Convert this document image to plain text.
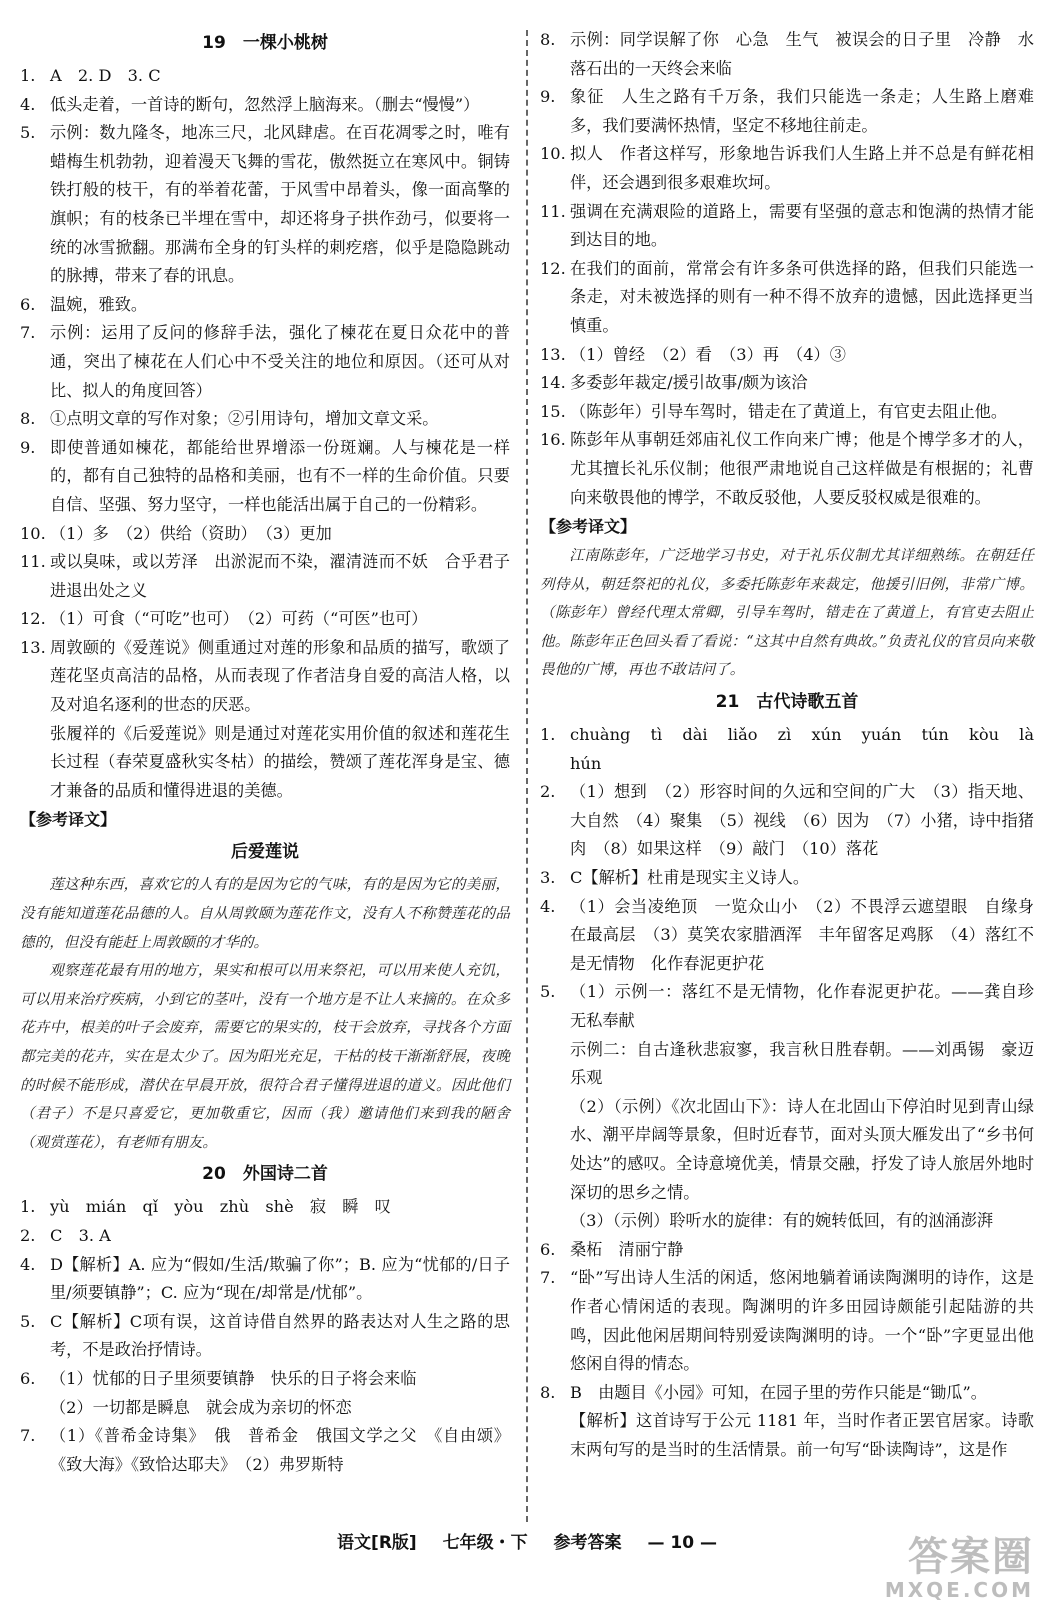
19　一棵小桃树
1. A　2. D　3. C
4. 低头走着，一首诗的断句，忽然浮上脑海来。（删去“慢慢”）
5. 示例：数九隆冬，地冻三尺，北风肆虐。在百花凋零之时，唯有蜡梅生机勃勃，迎着漫天飞舞的雪花，傲然挺立在寒风中。铜铸铁打般的枝干，有的举着花蕾，于风雪中昂着头，像一面高擎的旗帜；有的枝条已半埋在雪中，却还将身子拱作劲弓，似要将一统的冰雪掀翻。那满布全身的钉头样的刺疙瘩，似乎是隐隐跳动的脉搏，带来了春的讯息。
6. 温婉，雅致。
7. 示例：运用了反问的修辞手法，强化了楝花在夏日众花中的普通，突出了楝花在人们心中不受关注的地位和原因。（还可从对比、拟人的角度回答）
8. ①点明文章的写作对象；②引用诗句，增加文章文采。
9. 即使普通如楝花，都能给世界增添一份斑斓。人与楝花是一样的，都有自己独特的品格和美丽，也有不一样的生命价值。只要自信、坚强、努力坚守，一样也能活出属于自己的一份精彩。
10. （1）多　（2）供给（资助）　（3）更加
11. 或以臭味，或以芳泽　出淤泥而不染，濯清涟而不妖　合乎君子进退出处之义
12. （1）可食（“可吃”也可）　（2）可药（“可医”也可）
13. 周敦颐的《爱莲说》侧重通过对莲的形象和品质的描写，歌颂了莲花坚贞高洁的品格，从而表现了作者洁身自爱的高洁人格，以及对追名逐利的世态的厌恶。
张履祥的《后爱莲说》则是通过对莲花实用价值的叙述和莲花生长过程（春荣夏盛秋实冬枯）的描绘，赞颂了莲花浑身是宝、德才兼备的品质和懂得进退的美德。
【参考译文】
后爱莲说
莲这种东西，喜欢它的人有的是因为它的气味，有的是因为它的美丽，没有能知道莲花品德的人。自从周敦颐为莲花作文，没有人不称赞莲花的品德的，但没有能赶上周敦颐的才华的。
观察莲花最有用的地方，果实和根可以用来祭祀，可以用来使人充饥，可以用来治疗疾病，小到它的茎叶，没有一个地方是不让人来摘的。在众多花卉中，根美的叶子会废弃，需要它的果实的，枝干会放弃，寻找各个方面都完美的花卉，实在是太少了。因为阳光充足，干枯的枝干渐渐舒展，夜晚的时候不能形成，潜伏在早晨开放，很符合君子懂得进退的道义。因此他们（君子）不是只喜爱它，更加敬重它，因而（我）邀请他们来到我的陋舍（观赏莲花），有老师有朋友。
20　外国诗二首
1. yù　mián　qǐ　yòu　zhù　shè　寂　瞬　叹
2. C　3. A
4. D【解析】A. 应为“假如/生活/欺骗了你”；B. 应为“忧郁的/日子里/须要镇静”；C. 应为“现在/却常是/忧郁”。
5. C【解析】C项有误，这首诗借自然界的路表达对人生之路的思考，不是政治抒情诗。
6. （1）忧郁的日子里须要镇静　快乐的日子将会来临
（2）一切都是瞬息　就会成为亲切的怀恋
7. （1）《普希金诗集》　俄　普希金　俄国文学之父　《自由颂》《致大海》《致恰达耶夫》　（2）弗罗斯特
8. 示例：同学误解了你　心急　生气　被误会的日子里　冷静　水落石出的一天终会来临
9. 象征　人生之路有千万条，我们只能选一条走；人生路上磨难多，我们要满怀热情，坚定不移地往前走。
10. 拟人　作者这样写，形象地告诉我们人生路上并不总是有鲜花相伴，还会遇到很多艰难坎坷。
11. 强调在充满艰险的道路上，需要有坚强的意志和饱满的热情才能到达目的地。
12. 在我们的面前，常常会有许多条可供选择的路，但我们只能选一条走，对未被选择的则有一种不得不放弃的遗憾，因此选择更当慎重。
13. （1）曾经　（2）看　（3）再　（4）③
14. 多委彭年裁定/援引故事/颇为该洽
15. （陈彭年）引导车驾时，错走在了黄道上，有官吏去阻止他。
16. 陈彭年从事朝廷郊庙礼仪工作向来广博；他是个博学多才的人，尤其擅长礼乐仪制；他很严肃地说自己这样做是有根据的；礼曹向来敬畏他的博学，不敢反驳他，人要反驳权威是很难的。
【参考译文】
江南陈彭年，广泛地学习书史，对于礼乐仪制尤其详细熟练。在朝廷任列侍从，朝廷祭祀的礼仪，多委托陈彭年来裁定，他援引旧例，非常广博。（陈彭年）曾经代理太常卿，引导车驾时，错走在了黄道上，有官吏去阻止他。陈彭年正色回头看了看说：“这其中自然有典故。”负责礼仪的官员向来敬畏他的广博，再也不敢诘问了。
21　古代诗歌五首
1. chuàng　tì　dài　liǎo　zì　xún　yuán　tún　kòu　là　hún
2. （1）想到　（2）形容时间的久远和空间的广大　（3）指天地、大自然　（4）聚集　（5）视线　（6）因为　（7）小猪，诗中指猪肉　（8）如果这样　（9）敲门　（10）落花
3. C【解析】杜甫是现实主义诗人。
4. （1）会当凌绝顶　一览众山小　（2）不畏浮云遮望眼　自缘身在最高层　（3）莫笑农家腊酒浑　丰年留客足鸡豚　（4）落红不是无情物　化作春泥更护花
5. （1）示例一：落红不是无情物，化作春泥更护花。——龚自珍　无私奉献
示例二：自古逢秋悲寂寥，我言秋日胜春朝。——刘禹锡　豪迈乐观
（2）（示例）《次北固山下》：诗人在北固山下停泊时见到青山绿水、潮平岸阔等景象，但时近春节，面对头顶大雁发出了“乡书何处达”的感叹。全诗意境优美，情景交融，抒发了诗人旅居外地时深切的思乡之情。
（3）（示例）聆听水的旋律：有的婉转低回，有的汹涌澎湃
6. 桑柘　清丽宁静
7. “卧”写出诗人生活的闲适，悠闲地躺着诵读陶渊明的诗作，这是作者心情闲适的表现。陶渊明的许多田园诗颇能引起陆游的共鸣，因此他闲居期间特别爱读陶渊明的诗。一个“卧”字更显出他悠闲自得的情态。
8. B　由题目《小园》可知，在园子里的劳作只能是“锄瓜”。
【解析】这首诗写于公元 1181 年，当时作者正罢官居家。诗歌末两句写的是当时的生活情景。前一句写“卧读陶诗”，这是作
语文[R版] 七年级・下 参考答案 — 10 —	答案圈
MXQE.COM
